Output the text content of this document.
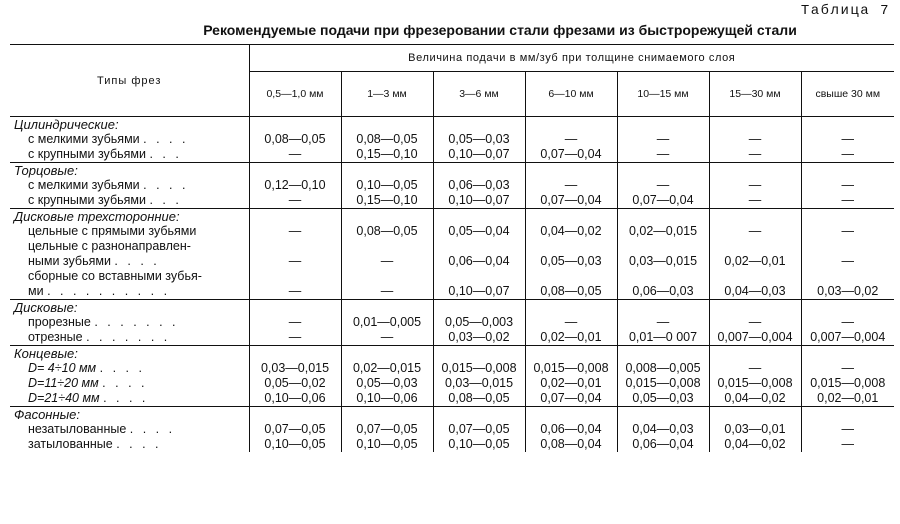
Таблица 7
Рекомендуемые подачи при фрезеровании стали фрезами из быстрорежущей стали
Типы фрез	Величина подачи в мм/зуб при толщине снимаемого слоя						
	0,5—1,0 мм	1—3 мм	3—6 мм	6—10 мм	10—15 мм	15—30 мм	свыше 30 мм
Цилиндрические:							
с мелкими зубьями . . . .	0,08—0,05	0,08—0,05	0,05—0,03	—	—	—	—
с крупными зубьями . . .	—	0,15—0,10	0,10—0,07	0,07—0,04	—	—	—
Торцовые:							
с мелкими зубьями . . . .	0,12—0,10	0,10—0,05	0,06—0,03	—	—	—	—
с крупными зубьями . . .	—	0,15—0,10	0,10—0,07	0,07—0,04	0,07—0,04	—	—
Дисковые трехсторонние:							
цельные с прямыми зубьями	—	0,08—0,05	0,05—0,04	0,04—0,02	0,02—0,015	—	—
цельные с разнонаправлен-							
ными зубьями . . . .	—	—	0,06—0,04	0,05—0,03	0,03—0,015	0,02—0,01	—
сборные со вставными зубья-							
ми . . . . . . . . . .	—	—	0,10—0,07	0,08—0,05	0,06—0,03	0,04—0,03	0,03—0,02
Дисковые:							
прорезные . . . . . . .	—	0,01—0,005	0,05—0,003	—	—	—	—
отрезные . . . . . . .	—	—	0,03—0,02	0,02—0,01	0,01—0 007	0,007—0,004	0,007—0,004
Концевые:							
D= 4÷10 мм . . . .	0,03—0,015	0,02—0,015	0,015—0,008	0,015—0,008	0,008—0,005	—	—
D=11÷20 мм . . . .	0,05—0,02	0,05—0,03	0,03—0,015	0,02—0,01	0,015—0,008	0,015—0,008	0,015—0,008
D=21÷40 мм . . . .	0,10—0,06	0,10—0,06	0,08—0,05	0,07—0,04	0,05—0,03	0,04—0,02	0,02—0,01
Фасонные:							
незатылованные . . . .	0,07—0,05	0,07—0,05	0,07—0,05	0,06—0,04	0,04—0,03	0,03—0,01	—
затылованные . . . .	0,10—0,05	0,10—0,05	0,10—0,05	0,08—0,04	0,06—0,04	0,04—0,02	—
